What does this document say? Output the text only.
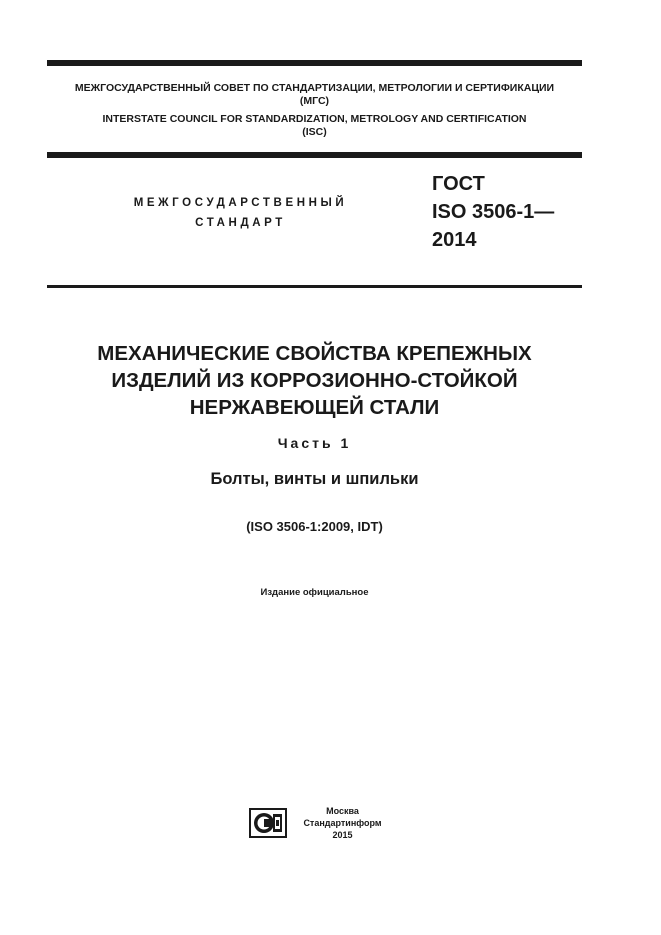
МЕЖГОСУДАРСТВЕННЫЙ СОВЕТ ПО СТАНДАРТИЗАЦИИ, МЕТРОЛОГИИ И СЕРТИФИКАЦИИ
(МГС)
INTERSTATE COUNCIL FOR STANDARDIZATION, METROLOGY AND CERTIFICATION
(ISC)
МЕЖГОСУДАРСТВЕННЫЙ
СТАНДАРТ
ГОСТ
ISO 3506-1—
2014
МЕХАНИЧЕСКИЕ СВОЙСТВА КРЕПЕЖНЫХ
ИЗДЕЛИЙ ИЗ КОРРОЗИОННО-СТОЙКОЙ
НЕРЖАВЕЮЩЕЙ СТАЛИ
Часть 1
Болты, винты и шпильки
(ISO 3506-1:2009, IDT)
Издание официальное
Москва
Стандартинформ
2015
